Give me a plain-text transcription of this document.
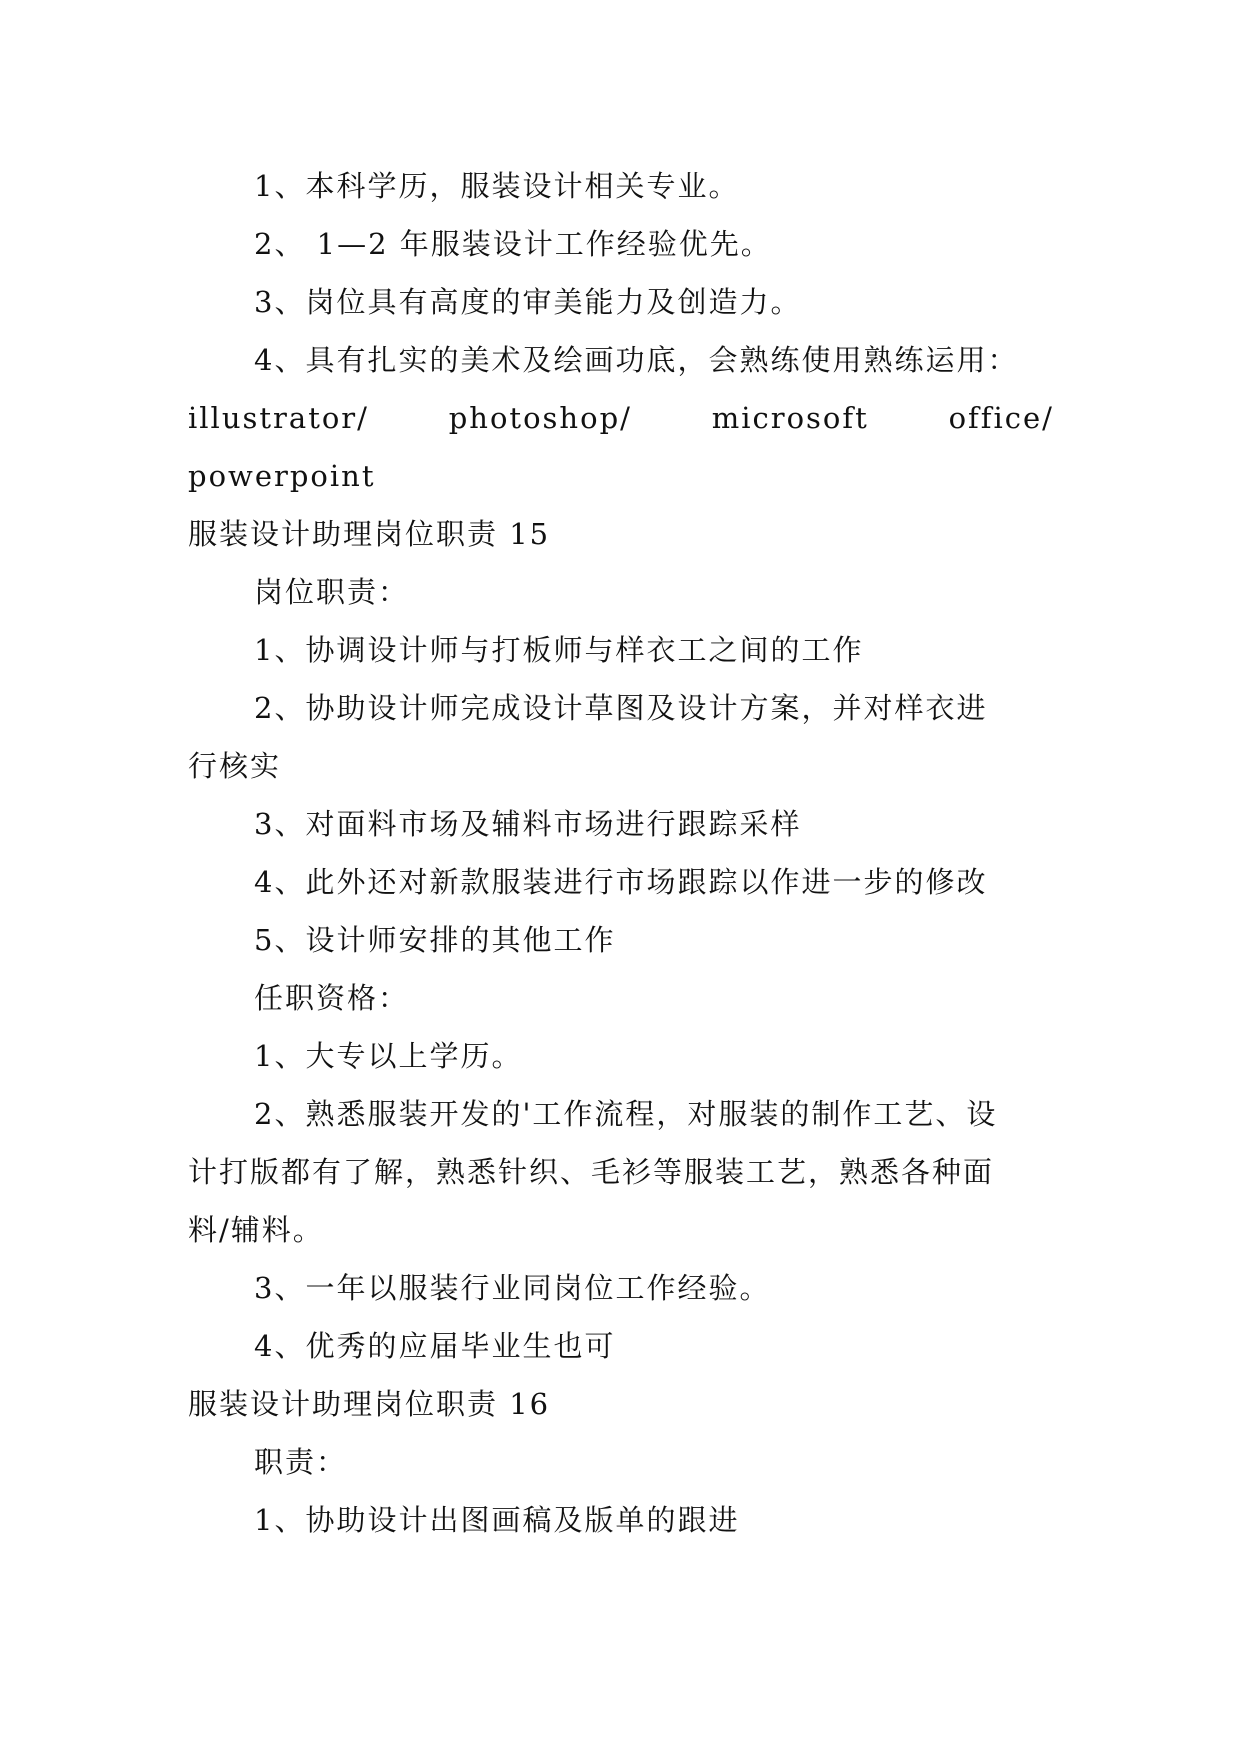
1、本科学历，服装设计相关专业。

2、 1—2 年服装设计工作经验优先。

3、岗位具有高度的审美能力及创造力。

4、具有扎实的美术及绘画功底，会熟练使用熟练运用：

illustrator/	photoshop/	microsoft	office/

powerpoint

服装设计助理岗位职责 15

岗位职责：

1、协调设计师与打板师与样衣工之间的工作

2、协助设计师完成设计草图及设计方案，并对样衣进

行核实

3、对面料市场及辅料市场进行跟踪采样

4、此外还对新款服装进行市场跟踪以作进一步的修改

5、设计师安排的其他工作

任职资格：

1、大专以上学历。

2、熟悉服装开发的'工作流程，对服装的制作工艺、设

计打版都有了解，熟悉针织、毛衫等服装工艺，熟悉各种面

料/辅料。

3、一年以服装行业同岗位工作经验。

4、优秀的应届毕业生也可

服装设计助理岗位职责 16

职责：

1、协助设计出图画稿及版单的跟进
